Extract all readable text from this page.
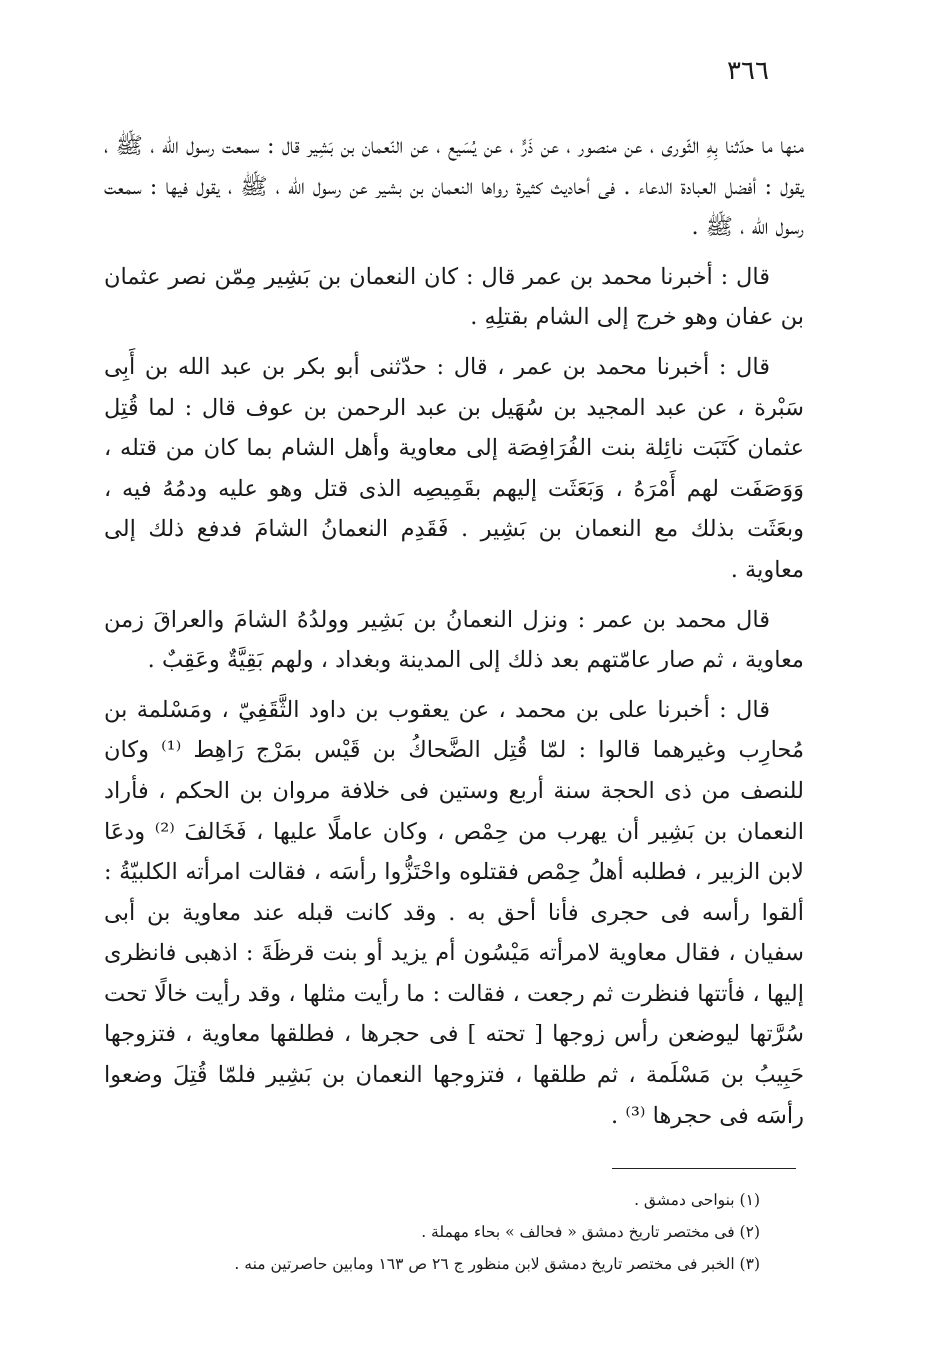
٣٦٦

منها ما حدّثنا بِهِ الثّورى ، عن منصور ، عن ذَرٍّ ، عن يُسَيع ، عن النّعمان بن بَشِير قال : سمعت رسول الله ، ﷺ ، يقول : أفضل العبادة الدعاء . فى أحاديث كثيرة رواها النعمان بن بشير عن رسول الله ، ﷺ ، يقول فيها : سمعت رسول الله ، ﷺ .

قال : أخبرنا محمد بن عمر قال : كان النعمان بن بَشِير مِمّن نصر عثمان بن عفان وهو خرج إلى الشام بقتلِهِ .

قال : أخبرنا محمد بن عمر ، قال : حدّثنى أبو بكر بن عبد الله بن أَبِى سَبْرة ، عن عبد المجيد بن سُهَيل بن عبد الرحمن بن عوف قال : لما قُتِل عثمان كَتَبَت نائِلة بنت الفُرَافِصَة إلى معاوية وأهل الشام بما كان من قتله ، وَوَصَفَت لهم أَمْرَهُ ، وَبَعَثَت إليهم بقَمِيصِه الذى قتل وهو عليه ودمُهُ فيه ، وبعَثَت بذلك مع النعمان بن بَشِير . فَقَدِم النعمانُ الشامَ فدفع ذلك إلى معاوية .

قال محمد بن عمر : ونزل النعمانُ بن بَشِير وولدُهُ الشامَ والعراقَ زمن معاوية ، ثم صار عامّتهم بعد ذلك إلى المدينة وبغداد ، ولهم بَقِيَّةٌ وعَقِبٌ .

قال : أخبرنا على بن محمد ، عن يعقوب بن داود الثَّقَفِيّ ، ومَسْلمة بن مُحارِب وغيرهما قالوا : لمّا قُتِل الضَّحاكُ بن قَيْس بمَرْج رَاهِط ⁽¹⁾ وكان للنصف من ذى الحجة سنة أربع وستين فى خلافة مروان بن الحكم ، فأراد النعمان بن بَشِير أن يهرب من حِمْص ، وكان عاملًا عليها ، فَخَالفَ ⁽²⁾ ودعَا لابن الزبير ، فطلبه أهلُ حِمْص فقتلوه واحْتَزُّوا رأسَه ، فقالت امرأته الكلبيّةُ : ألقوا رأسه فى حجرى فأنا أحق به . وقد كانت قبله عند معاوية بن أبى سفيان ، فقال معاوية لامرأته مَيْسُون أم يزيد أو بنت قرظَةَ : اذهبى فانظرى إليها ، فأتتها فنظرت ثم رجعت ، فقالت : ما رأيت مثلها ، وقد رأيت خالًا تحت سُرَّتها ليوضعن رأس زوجها [ تحته ] فى حجرها ، فطلقها معاوية ، فتزوجها حَبِيبُ بن مَسْلَمة ، ثم طلقها ، فتزوجها النعمان بن بَشِير فلمّا قُتِلَ وضعوا رأسَه فى حجرها ⁽³⁾ .

(١) بنواحى دمشق .

(٢) فى مختصر تاريخ دمشق « فحالف » بحاء مهملة .

(٣) الخبر فى مختصر تاريخ دمشق لابن منظور ج ٢٦ ص ١٦٣ ومابين حاصرتين منه .
